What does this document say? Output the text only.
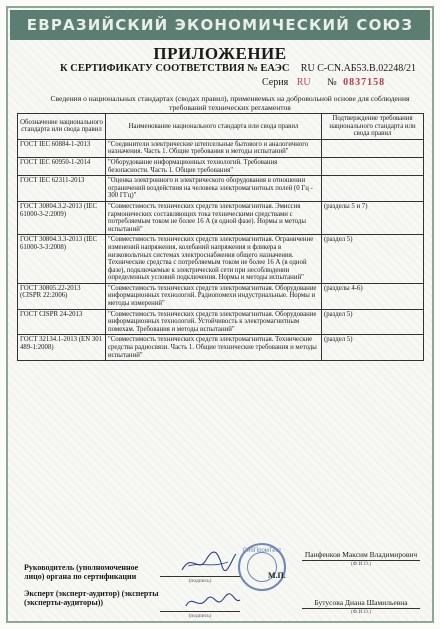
ЕВРАЗИЙСКИЙ ЭКОНОМИЧЕСКИЙ СОЮЗ
ПРИЛОЖЕНИЕ
К СЕРТИФИКАТУ СООТВЕТСТВИЯ № ЕАЭС RU С-CN.АБ53.В.02248/21
Серия RU № 0837158
Сведения о национальных стандартах (сводах правил), применяемых на добровольной основе для соблюдения требований технических регламентов
Обозначение национального стандарта или свода правил	Наименование национального стандарта или свода правил	Подтверждение требования национального стандарта или свода правил
ГОСТ IEC 60884-1-2013	"Соединители электрические штепсельные бытового и аналогичного назначения. Часть 1. Общие требования и методы испытаний"	
ГОСТ IEC 60950-1-2014	"Оборудование информационных технологий. Требования безопасности. Часть 1. Общие требования"	
ГОСТ IEC 62311-2013	"Оценка электронного и электрического оборудования в отношении ограничений воздействия на человека электромагнитных полей (0 Гц - 300 ГГц)"	
ГОСТ 30804.3.2-2013 (IEC 61000-3-2:2009)	"Совместимость технических средств электромагнитная. Эмиссия гармонических составляющих тока техническими средствами с потребляемым током не более 16 А (в одной фазе). Нормы и методы испытаний"	(разделы 5 и 7)
ГОСТ 30804.3.3-2013 (IEC 61000-3-3:2008)	"Совместимость технических средств электромагнитная. Ограничение изменений напряжения, колебаний напряжения и фликера в низковольтных системах электроснабжения общего назначения. Технические средства с потребляемым током не более 16 А (в одной фазе), подключаемые к электрической сети при несоблюдении определенных условий подключения. Нормы и методы испытаний"	(раздел 5)
ГОСТ 30805.22-2013 (CISPR 22:2006)	"Совместимость технических средств электромагнитная. Оборудование информационных технологий. Радиопомехи индустриальные. Нормы и методы измерений"	(разделы 4-6)
ГОСТ CISPR 24-2013	"Совместимость технических средств электромагнитная. Оборудование информационных технологий. Устойчивость к электромагнитным помехам. Требования и методы испытаний"	(раздел 5)
ГОСТ 32134.1-2013 (EN 301 489-1:2008)	"Совместимость технических средств электромагнитная. Технические средства радиосвязи. Часть 1. Общие технические требования и методы испытаний"	(раздел 5)
Руководитель (уполномоченное лицо) органа по сертификации	(подпись)
СибПромТест
М.П.
Панфенков Максим Владимирович
(Ф.И.О.)
Эксперт (эксперт-аудитор) (эксперты (эксперты-аудиторы))
(подпись)
Бутусова Диана Шамильевна
(Ф.И.О.)
